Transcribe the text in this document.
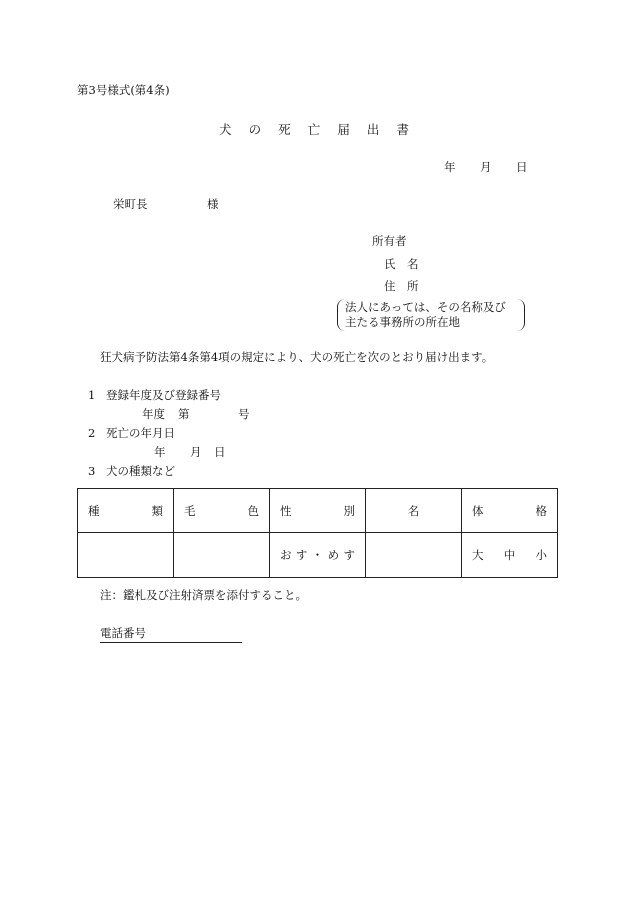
第3号様式(第4条)
犬 の 死 亡 届 出 書
年 月 日
栄町長	様
所有者
氏　名
住　所
法人にあっては、その名称及び
主たる事務所の所在地
狂犬病予防法第4条第4項の規定により、犬の死亡を次のとおり届け出ます。
1 登録年度及び登録番号
年度 第	号
2 死亡の年月日
年 月 日
3 犬の種類など
種 類	毛 色	性 別	名	体 格

		お す ・ め す		大 中 小
注：鑑札及び注射済票を添付すること。
電話番号
